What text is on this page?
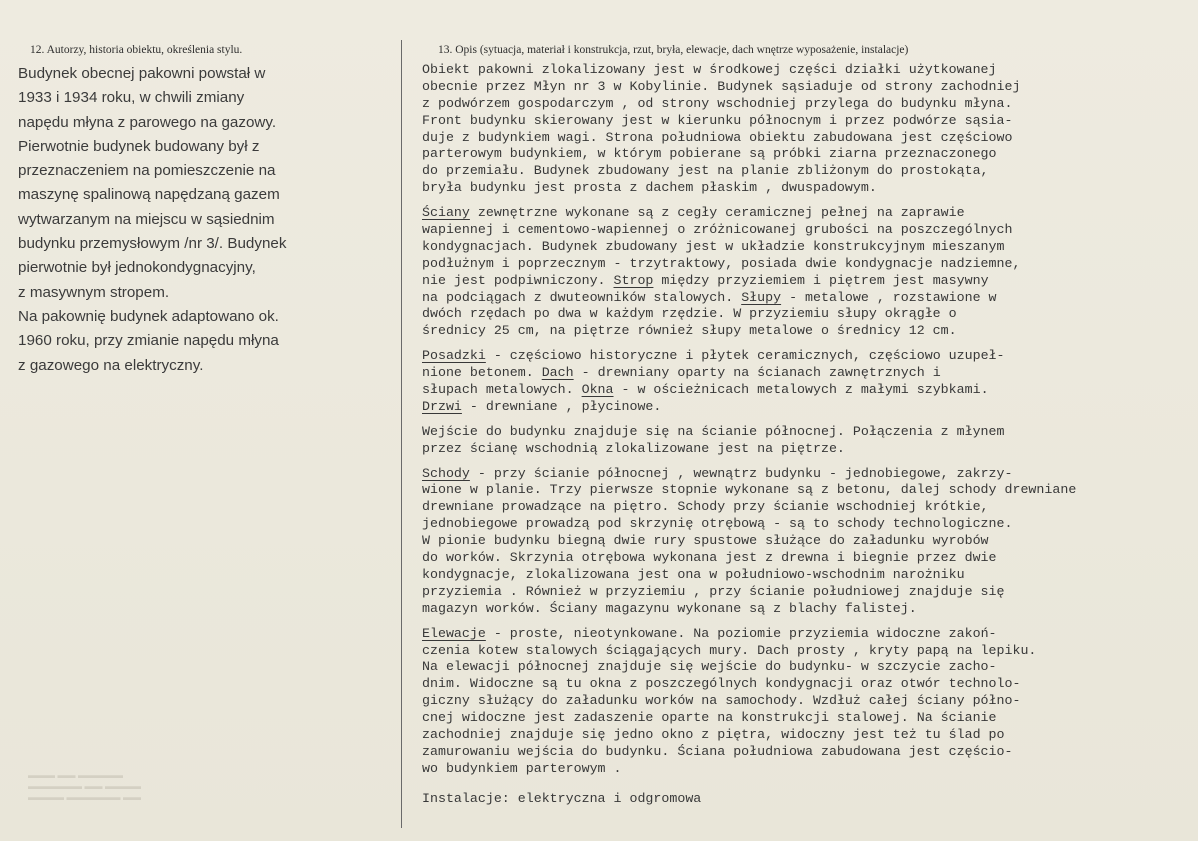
12. Autorzy, historia obiektu, określenia stylu.	13. Opis (sytuacja, materiał i konstrukcja, rzut, bryła, elewacje, dach wnętrze wyposażenie, instalacje)
Budynek obecnej pakowni powstał w
1933 i 1934 roku, w chwili zmiany
napędu młyna z parowego na gazowy.
Pierwotnie budynek budowany był z
przeznaczeniem na pomieszczenie na
maszynę spalinową napędzaną gazem
wytwarzanym na miejscu w sąsiednim
budynku przemysłowym /nr 3/. Budynek
pierwotnie był jednokondygnacyjny,
z masywnym stropem.
Na pakownię budynek adaptowano ok.
1960 roku, przy zmianie napędu młyna
z gazowego na elektryczny.
Obiekt pakowni zlokalizowany jest w środkowej części działki użytkowanej
obecnie przez Młyn nr 3 w Kobylinie. Budynek sąsiaduje od strony zachodniej
z podwórzem gospodarczym , od strony wschodniej przylega do budynku młyna.
Front budynku skierowany jest w kierunku północnym i przez podwórze sąsia-
duje z budynkiem wagi. Strona południowa obiektu zabudowana jest częściowo
parterowym budynkiem, w którym pobierane są próbki ziarna przeznaczonego
do przemiału. Budynek zbudowany jest na planie zbliżonym do prostokąta,
bryła budynku jest prosta z dachem płaskim , dwuspadowym.
Ściany zewnętrzne wykonane są z cegły ceramicznej pełnej na zaprawie
wapiennej i cementowo-wapiennej o zróżnicowanej grubości na poszczególnych
kondygnacjach. Budynek zbudowany jest w układzie konstrukcyjnym mieszanym
podłużnym i poprzecznym - trzytraktowy, posiada dwie kondygnacje nadziemne,
nie jest podpiwniczony. Strop między przyziemiem i piętrem jest masywny
na podciągach z dwuteowników stalowych. Słupy - metalowe , rozstawione w
dwóch rzędach po dwa w każdym rzędzie. W przyziemiu słupy okrągłe o
średnicy 25 cm, na piętrze również słupy metalowe o średnicy 12 cm.
Posadzki - częściowo historyczne i płytek ceramicznych, częściowo uzupeł-
nione betonem. Dach - drewniany oparty na ścianach zawnętrznych i
słupach metalowych. Okna - w ościeżnicach metalowych z małymi szybkami.
Drzwi - drewniane , płycinowe.
Wejście do budynku znajduje się na ścianie północnej. Połączenia z młynem
przez ścianę wschodnią zlokalizowane jest na piętrze.
Schody - przy ścianie północnej , wewnątrz budynku - jednobiegowe, zakrzy-
wione w planie. Trzy pierwsze stopnie wykonane są z betonu, dalej schody drewniane
drewniane prowadzące na piętro. Schody przy ścianie wschodniej krótkie,
jednobiegowe prowadzą pod skrzynię otrębową - są to schody technologiczne.
W pionie budynku biegną dwie rury spustowe służące do załadunku wyrobów
do worków. Skrzynia otrębowa wykonana jest z drewna i biegnie przez dwie
kondygnacje, zlokalizowana jest ona w południowo-wschodnim narożniku
przyziemia . Również w przyziemiu , przy ścianie południowej znajduje się
magazyn worków. Ściany magazynu wykonane są z blachy falistej.
Elewacje - proste, nieotynkowane. Na poziomie przyziemia widoczne zakoń-
czenia kotew stalowych ściągających mury. Dach prosty , kryty papą na lepiku.
Na elewacji północnej znajduje się wejście do budynku- w szczycie zacho-
dnim. Widoczne są tu okna z poszczególnych kondygnacji oraz otwór technolo-
giczny służący do załadunku worków na samochody. Wzdłuż całej ściany półno-
cnej widoczne jest zadaszenie oparte na konstrukcji stalowej. Na ścianie
zachodniej znajduje się jedno okno z piętra, widoczny jest też tu ślad po
zamurowaniu wejścia do budynku. Ściana południowa zabudowana jest częścio-
wo budynkiem parterowym .
Instalacje: elektryczna i odgromowa
▬▬▬ ▬▬ ▬▬▬▬▬
▬▬▬▬▬▬ ▬▬ ▬▬▬▬
▬▬▬▬ ▬▬▬▬▬▬ ▬▬
